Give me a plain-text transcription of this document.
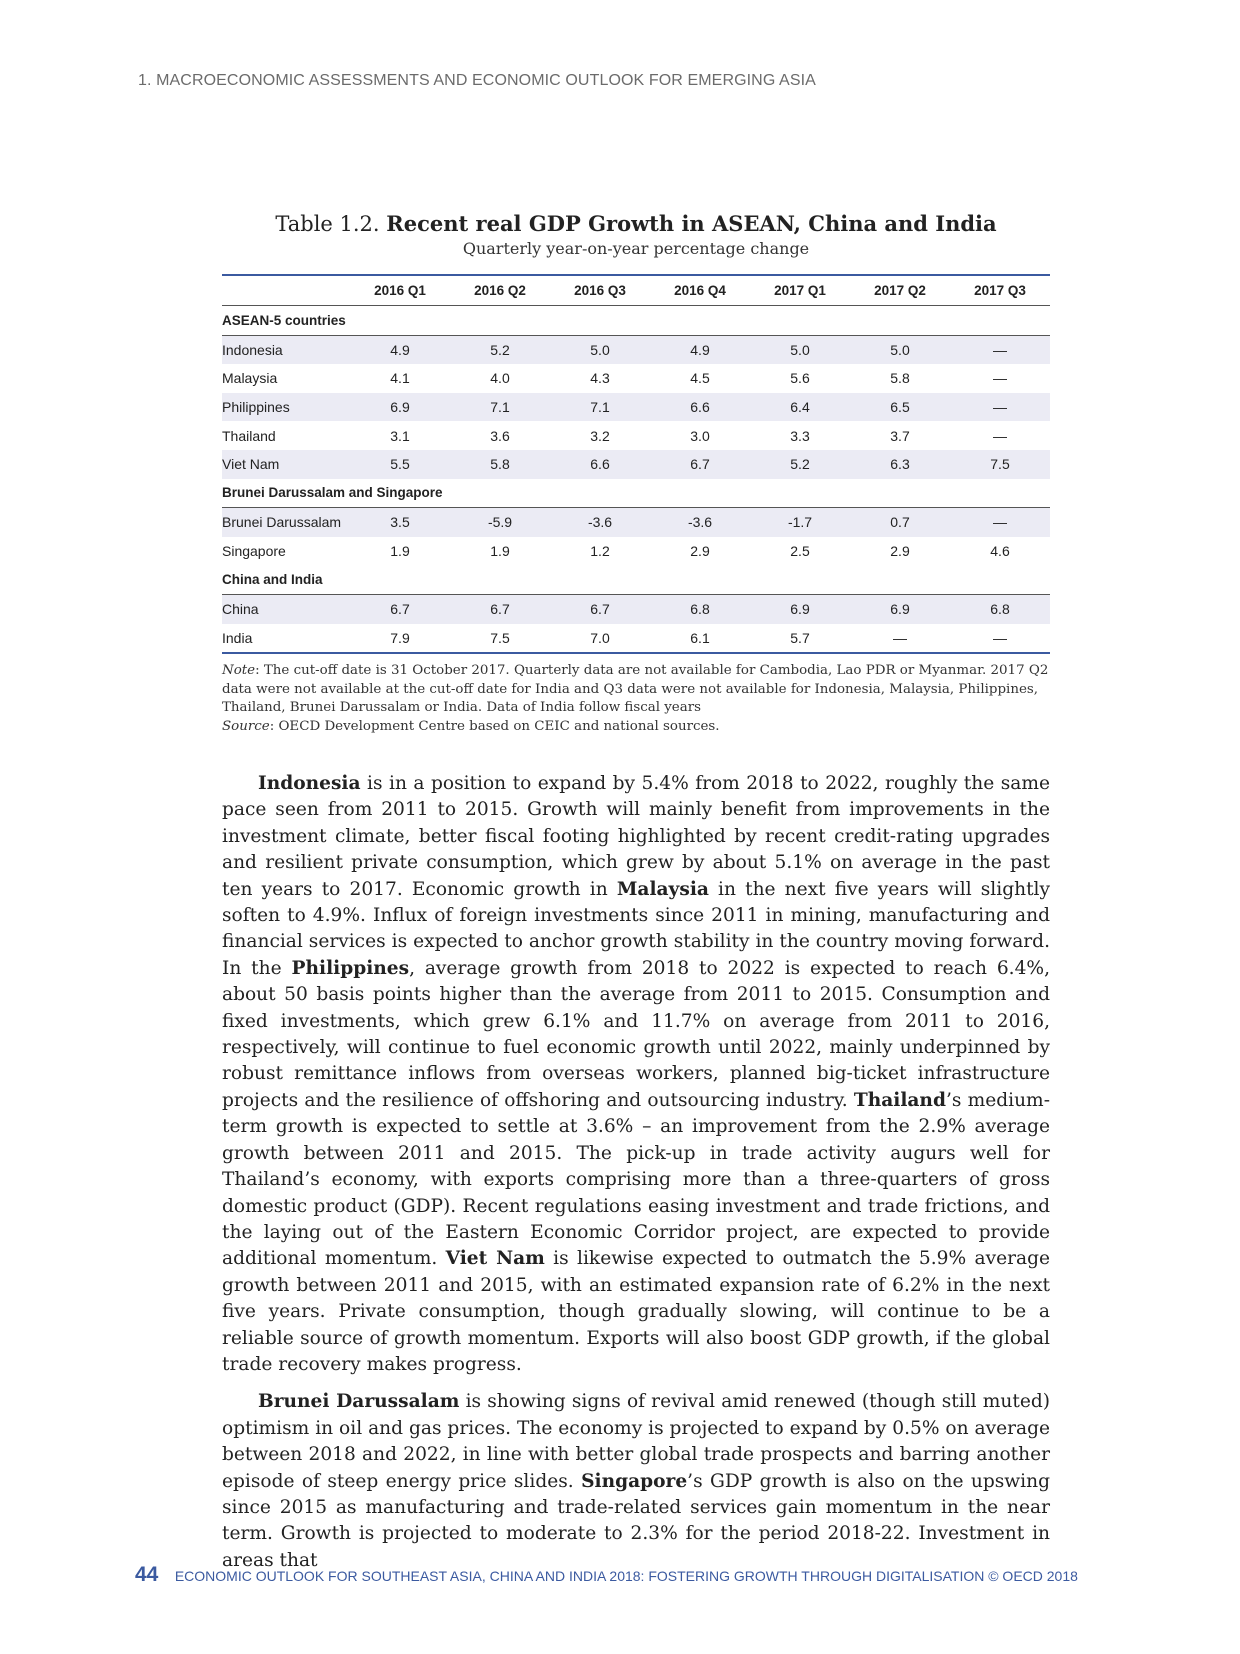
1. MACROECONOMIC ASSESSMENTS AND ECONOMIC OUTLOOK FOR EMERGING ASIA
Table 1.2. Recent real GDP Growth in ASEAN, China and India
Quarterly year-on-year percentage change
	2016 Q1	2016 Q2	2016 Q3	2016 Q4	2017 Q1	2017 Q2	2017 Q3
ASEAN-5 countries							
Indonesia	4.9	5.2	5.0	4.9	5.0	5.0	—
Malaysia	4.1	4.0	4.3	4.5	5.6	5.8	—
Philippines	6.9	7.1	7.1	6.6	6.4	6.5	—
Thailand	3.1	3.6	3.2	3.0	3.3	3.7	—
Viet Nam	5.5	5.8	6.6	6.7	5.2	6.3	7.5
Brunei Darussalam and Singapore							
Brunei Darussalam	3.5	-5.9	-3.6	-3.6	-1.7	0.7	—
Singapore	1.9	1.9	1.2	2.9	2.5	2.9	4.6
China and India							
China	6.7	6.7	6.7	6.8	6.9	6.9	6.8
India	7.9	7.5	7.0	6.1	5.7	—	—
Note: The cut-off date is 31 October 2017. Quarterly data are not available for Cambodia, Lao PDR or Myanmar. 2017 Q2 data were not available at the cut-off date for India and Q3 data were not available for Indonesia, Malaysia, Philippines, Thailand, Brunei Darussalam or India. Data of India follow fiscal years
Source: OECD Development Centre based on CEIC and national sources.

Indonesia is in a position to expand by 5.4% from 2018 to 2022, roughly the same pace seen from 2011 to 2015. Growth will mainly benefit from improvements in the investment climate, better fiscal footing highlighted by recent credit-rating upgrades and resilient private consumption, which grew by about 5.1% on average in the past ten years to 2017. Economic growth in Malaysia in the next five years will slightly soften to 4.9%. Influx of foreign investments since 2011 in mining, manufacturing and financial services is expected to anchor growth stability in the country moving forward. In the Philippines, average growth from 2018 to 2022 is expected to reach 6.4%, about 50 basis points higher than the average from 2011 to 2015. Consumption and fixed investments, which grew 6.1% and 11.7% on average from 2011 to 2016, respectively, will continue to fuel economic growth until 2022, mainly underpinned by robust remittance inflows from overseas workers, planned big-ticket infrastructure projects and the resilience of offshoring and outsourcing industry. Thailand’s medium-term growth is expected to settle at 3.6% – an improvement from the 2.9% average growth between 2011 and 2015. The pick-up in trade activity augurs well for Thailand’s economy, with exports comprising more than a three-quarters of gross domestic product (GDP). Recent regulations easing investment and trade frictions, and the laying out of the Eastern Economic Corridor project, are expected to provide additional momentum. Viet Nam is likewise expected to outmatch the 5.9% average growth between 2011 and 2015, with an estimated expansion rate of 6.2% in the next five years. Private consumption, though gradually slowing, will continue to be a reliable source of growth momentum. Exports will also boost GDP growth, if the global trade recovery makes progress.

Brunei Darussalam is showing signs of revival amid renewed (though still muted) optimism in oil and gas prices. The economy is projected to expand by 0.5% on average between 2018 and 2022, in line with better global trade prospects and barring another episode of steep energy price slides. Singapore’s GDP growth is also on the upswing since 2015 as manufacturing and trade-related services gain momentum in the near term. Growth is projected to moderate to 2.3% for the period 2018-22. Investment in areas that

44 ECONOMIC OUTLOOK FOR SOUTHEAST ASIA, CHINA AND INDIA 2018: FOSTERING GROWTH THROUGH DIGITALISATION © OECD 2018
